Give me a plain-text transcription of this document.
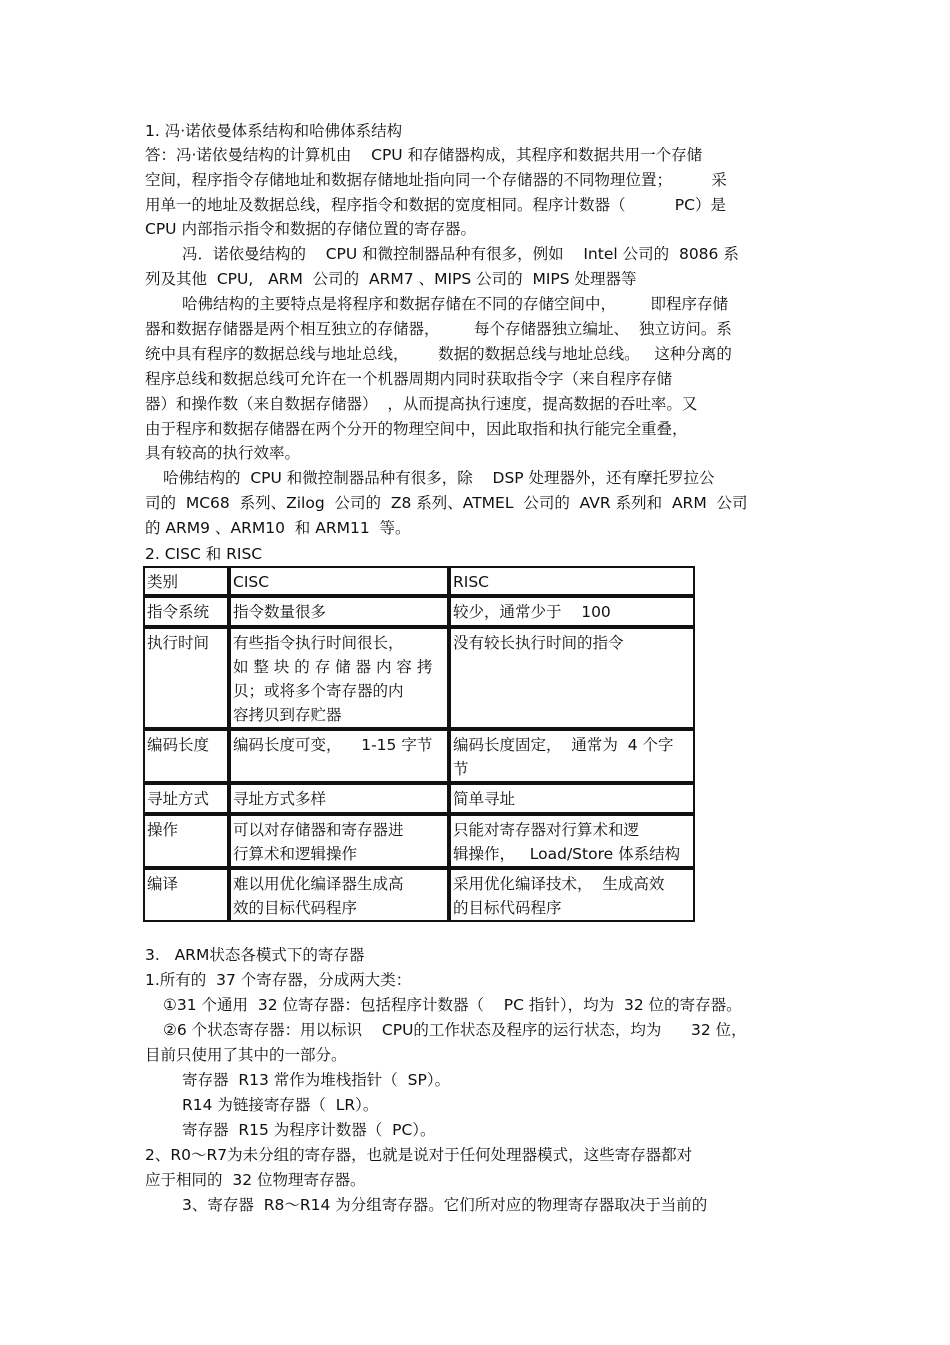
1. 冯·诺依曼体系结构和哈佛体系结构
答：冯·诺依曼结构的计算机由    CPU 和存储器构成，其程序和数据共用一个存储
空间，程序指令存储地址和数据存储地址指向同一个存储器的不同物理位置；        采
用单一的地址及数据总线，程序指令和数据的宽度相同。程序计数器（          PC）是
CPU 内部指示指令和数据的存储位置的寄存器。
冯．诺依曼结构的    CPU 和微控制器品种有很多，例如    Intel 公司的  8086 系
列及其他  CPU,   ARM  公司的  ARM7 、MIPS 公司的  MIPS 处理器等
哈佛结构的主要特点是将程序和数据存储在不同的存储空间中，       即程序存储
器和数据存储器是两个相互独立的存储器，       每个存储器独立编址、  独立访问。系
统中具有程序的数据总线与地址总线，      数据的数据总线与地址总线。   这种分离的
程序总线和数据总线可允许在一个机器周期内同时获取指令字（来自程序存储
器）和操作数（来自数据存储器）  ，从而提高执行速度，提高数据的吞吐率。又
由于程序和数据存储器在两个分开的物理空间中，因此取指和执行能完全重叠，
具有较高的执行效率。
哈佛结构的  CPU 和微控制器品种有很多，除    DSP 处理器外，还有摩托罗拉公
司的  MC68  系列、Zilog  公司的  Z8 系列、ATMEL  公司的  AVR 系列和  ARM  公司
的 ARM9 、ARM10  和 ARM11  等。
2. CISC 和 RISC
类别	CISC	RISC
指令系统	指令数量很多	较少，通常少于    100
执行时间	有些指令执行时间很长，
如 整 块 的 存 储 器 内 容 拷
贝；或将多个寄存器的内
容拷贝到存贮器	没有较长执行时间的指令
编码长度	编码长度可变，    1-15 字节	编码长度固定，  通常为  4 个字
节
寻址方式	寻址方式多样	简单寻址
操作	可以对存储器和寄存器进
行算术和逻辑操作	只能对寄存器对行算术和逻
辑操作，   Load/Store 体系结构
编译	难以用优化编译器生成高
效的目标代码程序	采用优化编译技术，  生成高效
的目标代码程序
3.   ARM状态各模式下的寄存器
1.所有的  37 个寄存器，分成两大类：
①31 个通用  32 位寄存器：包括程序计数器（    PC 指针），均为  32 位的寄存器。
②6 个状态寄存器：用以标识    CPU的工作状态及程序的运行状态，均为      32 位，
目前只使用了其中的一部分。
寄存器  R13 常作为堆栈指针（  SP）。
R14 为链接寄存器（  LR）。
寄存器  R15 为程序计数器（  PC）。
2、R0～R7为未分组的寄存器，也就是说对于任何处理器模式，这些寄存器都对
应于相同的  32 位物理寄存器。
3、寄存器  R8～R14 为分组寄存器。它们所对应的物理寄存器取决于当前的
